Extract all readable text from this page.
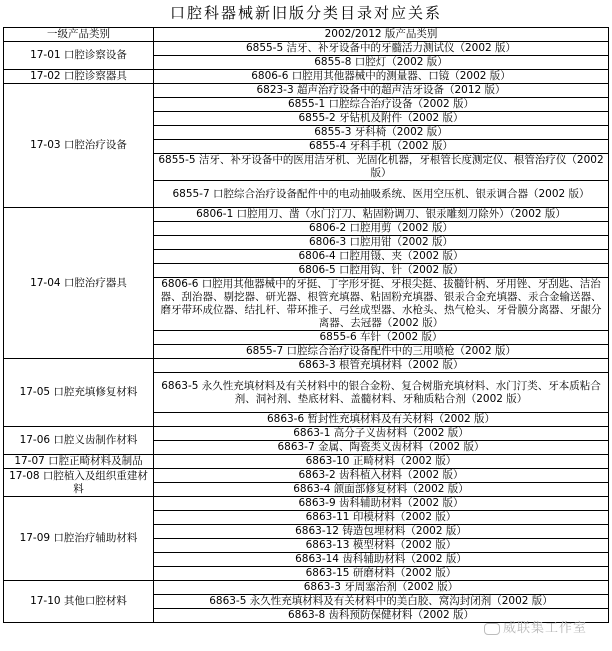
口腔科器械新旧版分类目录对应关系
一级产品类别	2002/2012 版产品类别
17-01 口腔诊察设备	6855-5 洁牙、补牙设备中的牙髓活力测试仪（2002 版）
	6855-8 口腔灯（2002 版）
17-02 口腔诊察器具	6806-6 口腔用其他器械中的测量器、口镜（2002 版）
17-03 口腔治疗设备	6823-3 超声治疗设备中的超声洁牙设备（2012 版）
	6855-1 口腔综合治疗设备（2002 版）
	6855-2 牙钻机及附件（2002 版）
	6855-3 牙科椅（2002 版）
	6855-4 牙科手机（2002 版）
	6855-5 洁牙、补牙设备中的医用洁牙机、光固化机器，牙根管长度测定仪、根管治疗仪（2002 版）
	6855-7 口腔综合治疗设备配件中的电动抽吸系统、医用空压机、银汞调合器（2002 版）
17-04 口腔治疗器具	6806-1 口腔用刀、凿（水门汀刀、粘固粉调刀、银汞雕刻刀除外）（2002 版）
	6806-2 口腔用剪（2002 版）
	6806-3 口腔用钳（2002 版）
	6806-4 口腔用镊、夹（2002 版）
	6806-5 口腔用钩、针（2002 版）
	6806-6 口腔用其他器械中的牙挺、丁字形牙挺、牙根尖挺、拔髓针柄、牙用锉、牙刮匙、洁治器、刮治器、剔挖器、研光器、根管充填器、粘固粉充填器、银汞合金充填器、汞合金输送器、磨牙带环成位器、结扎杆、带环推子、弓丝成型器、水枪头、热气枪头、牙骨膜分离器、牙龈分离器、去冠器（2002 版）
	6855-6 车针（2002 版）
	6855-7 口腔综合治疗设备配件中的三用喷枪（2002 版）
17-05 口腔充填修复材料	6863-3 根管充填材料（2002 版）
	6863-5 永久性充填材料及有关材料中的银合金粉、复合树脂充填材料、水门汀类、牙本质粘合剂、洞衬剂、垫底材料、盖髓材料、牙釉质粘合剂（2002 版）
	6863-6 暂封性充填材料及有关材料（2002 版）
17-06 口腔义齿制作材料	6863-1 高分子义齿材料（2002 版）
	6863-7 金属、陶瓷类义齿材料（2002 版）
17-07 口腔正畸材料及制品	6863-10 正畸材料（2002 版）
17-08 口腔植入及组织重建材料	6863-2 齿科植入材料（2002 版）
	6863-4 颌面部修复材料（2002 版）
17-09 口腔治疗辅助材料	6863-9 齿科辅助材料（2002 版）
	6863-11 印模材料（2002 版）
	6863-12 铸造包埋材料（2002 版）
	6863-13 模型材料（2002 版）
	6863-14 齿科辅助材料（2002 版）
	6863-15 研磨材料（2002 版）
17-10 其他口腔材料	6863-3 牙周塞治剂（2002 版）
	6863-5 永久性充填材料及有关材料中的美白胶、窝沟封闭剂（2002 版）
	6863-8 齿科预防保健材料（2002 版）
威联集工作室
